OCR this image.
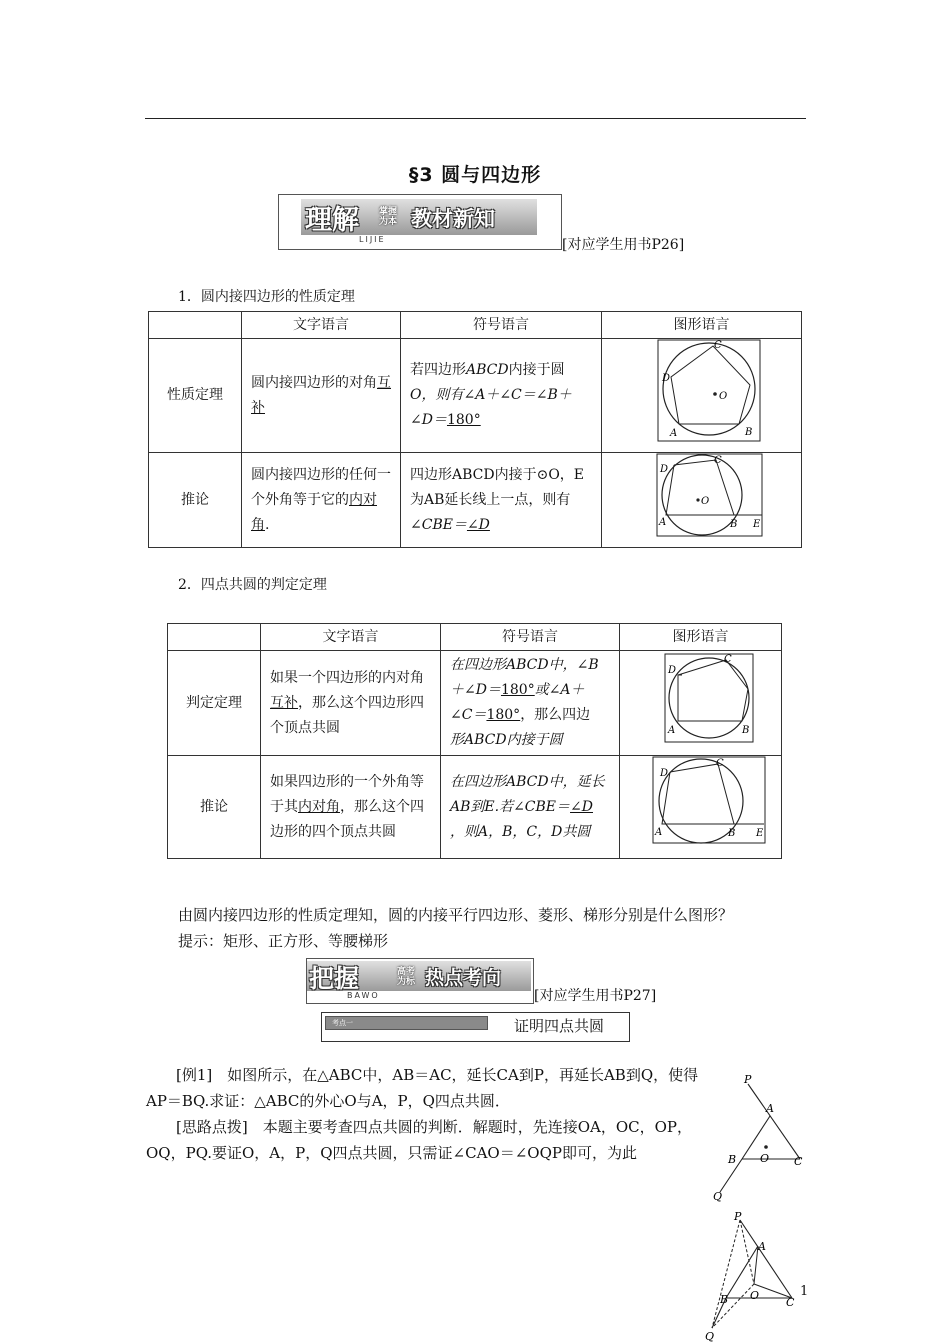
§3 圆与四边形
理解 掌握
为本 教材新知
LIJIE	[对应学生用书P26]
1．圆内接四边形的性质定理
	文字语言	符号语言	图形语言
性质定理	圆内接四边形的对角互补	若四边形ABCD内接于圆
O，则有∠A＋∠C＝∠B＋
∠D＝180°	
推论	圆内接四边形的任何一个外角等于它的内对角.	四边形ABCD内接于⊙O，E为AB延长线上一点，则有
∠CBE＝∠D	
D
C
A	B
O
D
C
A	B E
O
2．四点共圆的判定定理
	文字语言	符号语言	图形语言
判定定理	如果一个四边形的内对角互补，那么这个四边形四个顶点共圆	在四边形ABCD中，∠B
＋∠D＝180°或∠A＋
∠C＝180°，那么四边
形ABCD内接于圆	
推论	如果四边形的一个外角等于其内对角，那么这个四边形的四个顶点共圆	在四边形ABCD中，延长AB到E.若∠CBE＝∠D
，则A，B，C，D共圆	
D
C
A	B
D
C
A	B E
由圆内接四边形的性质定理知，圆的内接平行四边形、菱形、梯形分别是什么图形？
提示：矩形、正方形、等腰梯形
把握	高考
为标 热点考向
BAWO	[对应学生用书P27]
考点一	证明四点共圆
[例1]　如图所示，在△ABC中，AB＝AC，延长CA到P，再延长AB到Q，使得AP＝BQ.求证：△ABC的外心O与A，P，Q四点共圆．
[思路点拨]　本题主要考查四点共圆的判断．解题时，先连接OA，OC，OP，OQ，PQ.要证O，A，P，Q四点共圆，只需证∠CAO＝∠OQP即可，为此
P
A
B	C
O
Q
P
A
B	C
O
Q
1
